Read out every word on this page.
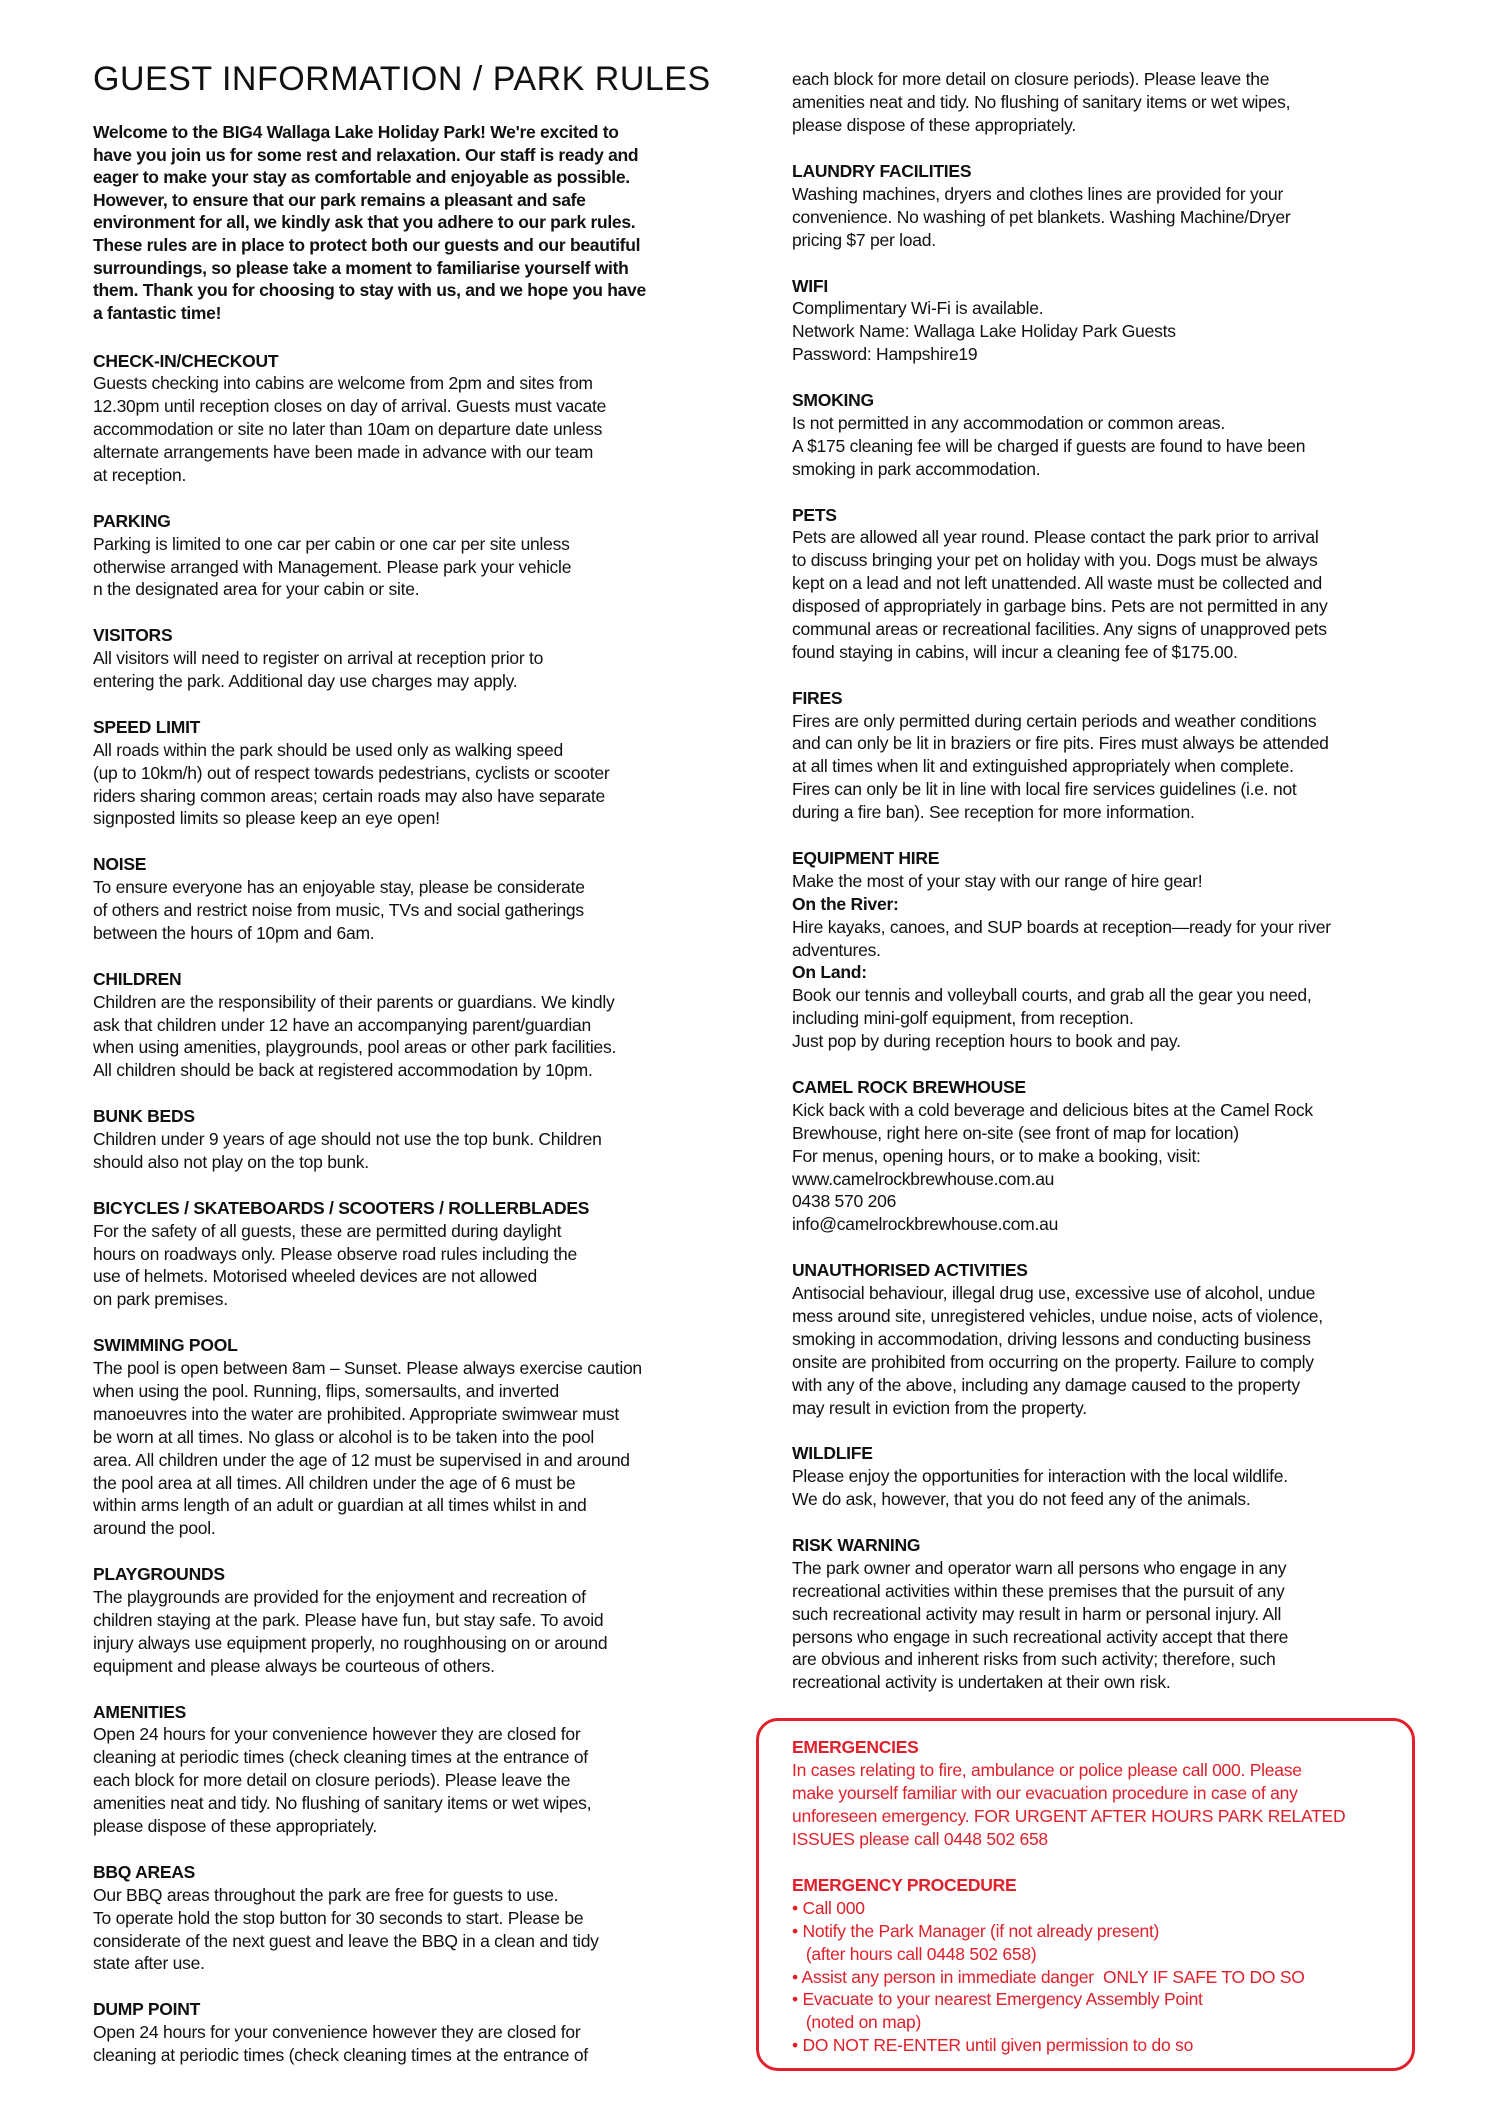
GUEST INFORMATION / PARK RULES
Welcome to the BIG4 Wallaga Lake Holiday Park! We're excited to
have you join us for some rest and relaxation. Our staff is ready and
eager to make your stay as comfortable and enjoyable as possible.
However, to ensure that our park remains a pleasant and safe
environment for all, we kindly ask that you adhere to our park rules.
These rules are in place to protect both our guests and our beautiful
surroundings, so please take a moment to familiarise yourself with
them. Thank you for choosing to stay with us, and we hope you have
a fantastic time!
CHECK-IN/CHECKOUT
Guests checking into cabins are welcome from 2pm and sites from
12.30pm until reception closes on day of arrival. Guests must vacate
accommodation or site no later than 10am on departure date unless
alternate arrangements have been made in advance with our team
at reception.
PARKING
Parking is limited to one car per cabin or one car per site unless
otherwise arranged with Management. Please park your vehicle
n the designated area for your cabin or site.
VISITORS
All visitors will need to register on arrival at reception prior to
entering the park. Additional day use charges may apply.
SPEED LIMIT
All roads within the park should be used only as walking speed
(up to 10km/h) out of respect towards pedestrians, cyclists or scooter
riders sharing common areas; certain roads may also have separate
signposted limits so please keep an eye open!
NOISE
To ensure everyone has an enjoyable stay, please be considerate
of others and restrict noise from music, TVs and social gatherings
between the hours of 10pm and 6am.
CHILDREN
Children are the responsibility of their parents or guardians. We kindly
ask that children under 12 have an accompanying parent/guardian
when using amenities, playgrounds, pool areas or other park facilities.
All children should be back at registered accommodation by 10pm.
BUNK BEDS
Children under 9 years of age should not use the top bunk. Children
should also not play on the top bunk.
BICYCLES / SKATEBOARDS / SCOOTERS / ROLLERBLADES
For the safety of all guests, these are permitted during daylight
hours on roadways only. Please observe road rules including the
use of helmets. Motorised wheeled devices are not allowed
on park premises.
SWIMMING POOL
The pool is open between 8am – Sunset. Please always exercise caution
when using the pool. Running, flips, somersaults, and inverted
manoeuvres into the water are prohibited. Appropriate swimwear must
be worn at all times. No glass or alcohol is to be taken into the pool
area. All children under the age of 12 must be supervised in and around
the pool area at all times. All children under the age of 6 must be
within arms length of an adult or guardian at all times whilst in and
around the pool.
PLAYGROUNDS
The playgrounds are provided for the enjoyment and recreation of
children staying at the park. Please have fun, but stay safe. To avoid
injury always use equipment properly, no roughhousing on or around
equipment and please always be courteous of others.
AMENITIES
Open 24 hours for your convenience however they are closed for
cleaning at periodic times (check cleaning times at the entrance of
each block for more detail on closure periods). Please leave the
amenities neat and tidy. No flushing of sanitary items or wet wipes,
please dispose of these appropriately.
BBQ AREAS
Our BBQ areas throughout the park are free for guests to use.
To operate hold the stop button for 30 seconds to start. Please be
considerate of the next guest and leave the BBQ in a clean and tidy
state after use.
DUMP POINT
Open 24 hours for your convenience however they are closed for
cleaning at periodic times (check cleaning times at the entrance of
each block for more detail on closure periods). Please leave the
amenities neat and tidy. No flushing of sanitary items or wet wipes,
please dispose of these appropriately.
LAUNDRY FACILITIES
Washing machines, dryers and clothes lines are provided for your
convenience. No washing of pet blankets. Washing Machine/Dryer
pricing $7 per load.
WIFI
Complimentary Wi-Fi is available.
Network Name: Wallaga Lake Holiday Park Guests
Password: Hampshire19
SMOKING
Is not permitted in any accommodation or common areas.
A $175 cleaning fee will be charged if guests are found to have been
smoking in park accommodation.
PETS
Pets are allowed all year round. Please contact the park prior to arrival
to discuss bringing your pet on holiday with you. Dogs must be always
kept on a lead and not left unattended. All waste must be collected and
disposed of appropriately in garbage bins. Pets are not permitted in any
communal areas or recreational facilities. Any signs of unapproved pets
found staying in cabins, will incur a cleaning fee of $175.00.
FIRES
Fires are only permitted during certain periods and weather conditions
and can only be lit in braziers or fire pits. Fires must always be attended
at all times when lit and extinguished appropriately when complete.
Fires can only be lit in line with local fire services guidelines (i.e. not
during a fire ban). See reception for more information.
EQUIPMENT HIRE
Make the most of your stay with our range of hire gear!
On the River:
Hire kayaks, canoes, and SUP boards at reception—ready for your river
adventures.
On Land:
Book our tennis and volleyball courts, and grab all the gear you need,
including mini-golf equipment, from reception.
Just pop by during reception hours to book and pay.
CAMEL ROCK BREWHOUSE
Kick back with a cold beverage and delicious bites at the Camel Rock
Brewhouse, right here on-site (see front of map for location)
For menus, opening hours, or to make a booking, visit:
www.camelrockbrewhouse.com.au
0438 570 206
info@camelrockbrewhouse.com.au
UNAUTHORISED ACTIVITIES
Antisocial behaviour, illegal drug use, excessive use of alcohol, undue
mess around site, unregistered vehicles, undue noise, acts of violence,
smoking in accommodation, driving lessons and conducting business
onsite are prohibited from occurring on the property. Failure to comply
with any of the above, including any damage caused to the property
may result in eviction from the property.
WILDLIFE
Please enjoy the opportunities for interaction with the local wildlife.
We do ask, however, that you do not feed any of the animals.
RISK WARNING
The park owner and operator warn all persons who engage in any
recreational activities within these premises that the pursuit of any
such recreational activity may result in harm or personal injury. All
persons who engage in such recreational activity accept that there
are obvious and inherent risks from such activity; therefore, such
recreational activity is undertaken at their own risk.
EMERGENCIES
In cases relating to fire, ambulance or police please call 000. Please
make yourself familiar with our evacuation procedure in case of any
unforeseen emergency. FOR URGENT AFTER HOURS PARK RELATED
ISSUES please call 0448 502 658
EMERGENCY PROCEDURE
• Call 000
• Notify the Park Manager (if not already present)
(after hours call 0448 502 658)
• Assist any person in immediate danger  ONLY IF SAFE TO DO SO
• Evacuate to your nearest Emergency Assembly Point
(noted on map)
• DO NOT RE-ENTER until given permission to do so
